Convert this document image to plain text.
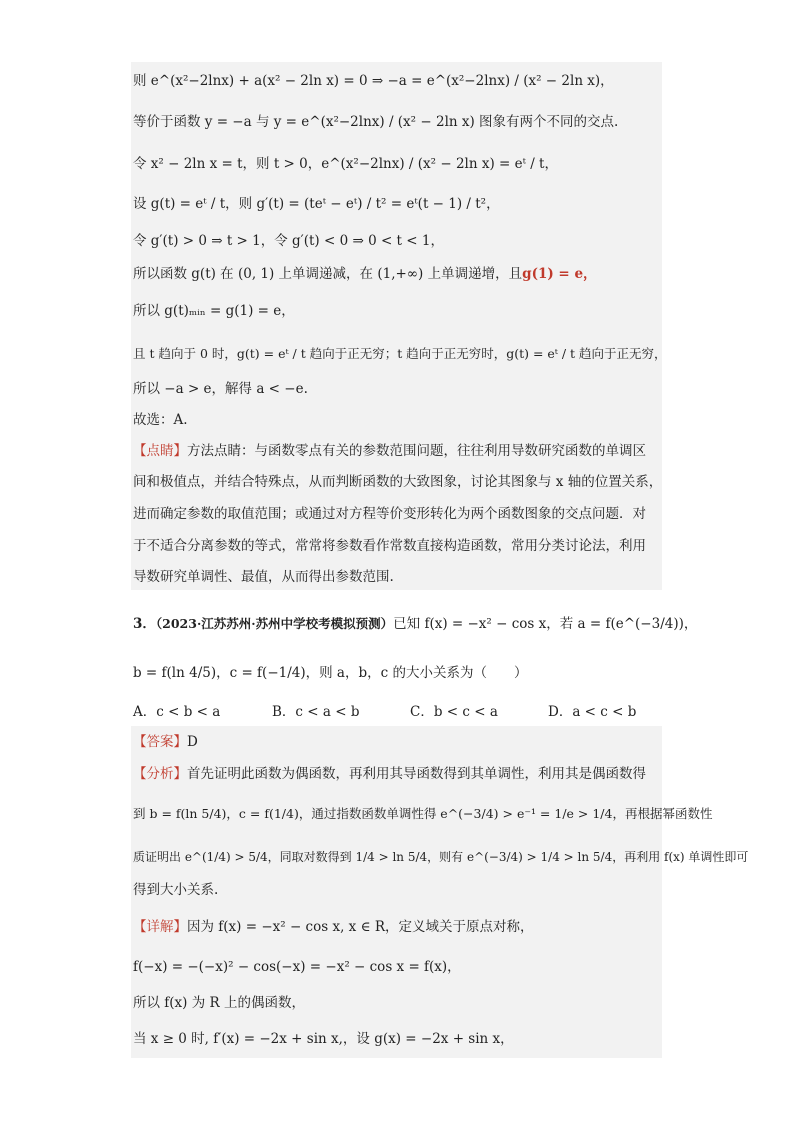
则 e^(x²−2lnx) + a(x² − 2ln x) = 0 ⇒ −a = e^(x²−2lnx) / (x² − 2ln x)，
等价于函数 y = −a 与 y = e^(x²−2lnx) / (x² − 2ln x) 图象有两个不同的交点.
令 x² − 2ln x = t，则 t > 0，e^(x²−2lnx) / (x² − 2ln x) = eᵗ / t，
设 g(t) = eᵗ / t，则 g′(t) = (teᵗ − eᵗ) / t² = eᵗ(t − 1) / t²，
令 g′(t) > 0 ⇒ t > 1，令 g′(t) < 0 ⇒ 0 < t < 1，
所以函数 g(t) 在 (0, 1) 上单调递减，在 (1,+∞) 上单调递增，且g(1) = e，
所以 g(t)ₘᵢₙ = g(1) = e，
且 t 趋向于 0 时，g(t) = eᵗ / t 趋向于正无穷；t 趋向于正无穷时，g(t) = eᵗ / t 趋向于正无穷，
所以 −a > e，解得 a < −e.
故选：A.
【点睛】方法点睛：与函数零点有关的参数范围问题，往往利用导数研究函数的单调区
间和极值点，并结合特殊点，从而判断函数的大致图象，讨论其图象与 x 轴的位置关系，
进而确定参数的取值范围；或通过对方程等价变形转化为两个函数图象的交点问题．对
于不适合分离参数的等式，常常将参数看作常数直接构造函数，常用分类讨论法，利用
导数研究单调性、最值，从而得出参数范围.
3．（2023·江苏苏州·苏州中学校考模拟预测）已知 f(x) = −x² − cos x，若 a = f(e^(−3/4))，
b = f(ln 4/5)，c = f(−1/4)，则 a，b，c 的大小关系为（　　）
A．c < b < a	B．c < a < b	C．b < c < a	D．a < c < b
【答案】D
【分析】首先证明此函数为偶函数，再利用其导函数得到其单调性，利用其是偶函数得
到 b = f(ln 5/4)，c = f(1/4)，通过指数函数单调性得 e^(−3/4) > e⁻¹ = 1/e > 1/4，再根据幂函数性
质证明出 e^(1/4) > 5/4，同取对数得到 1/4 > ln 5/4，则有 e^(−3/4) > 1/4 > ln 5/4，再利用 f(x) 单调性即可
得到大小关系.
【详解】因为 f(x) = −x² − cos x, x ∈ R，定义域关于原点对称，
f(−x) = −(−x)² − cos(−x) = −x² − cos x = f(x)，
所以 f(x) 为 R 上的偶函数，
当 x ≥ 0 时, f′(x) = −2x + sin x,，设 g(x) = −2x + sin x，
